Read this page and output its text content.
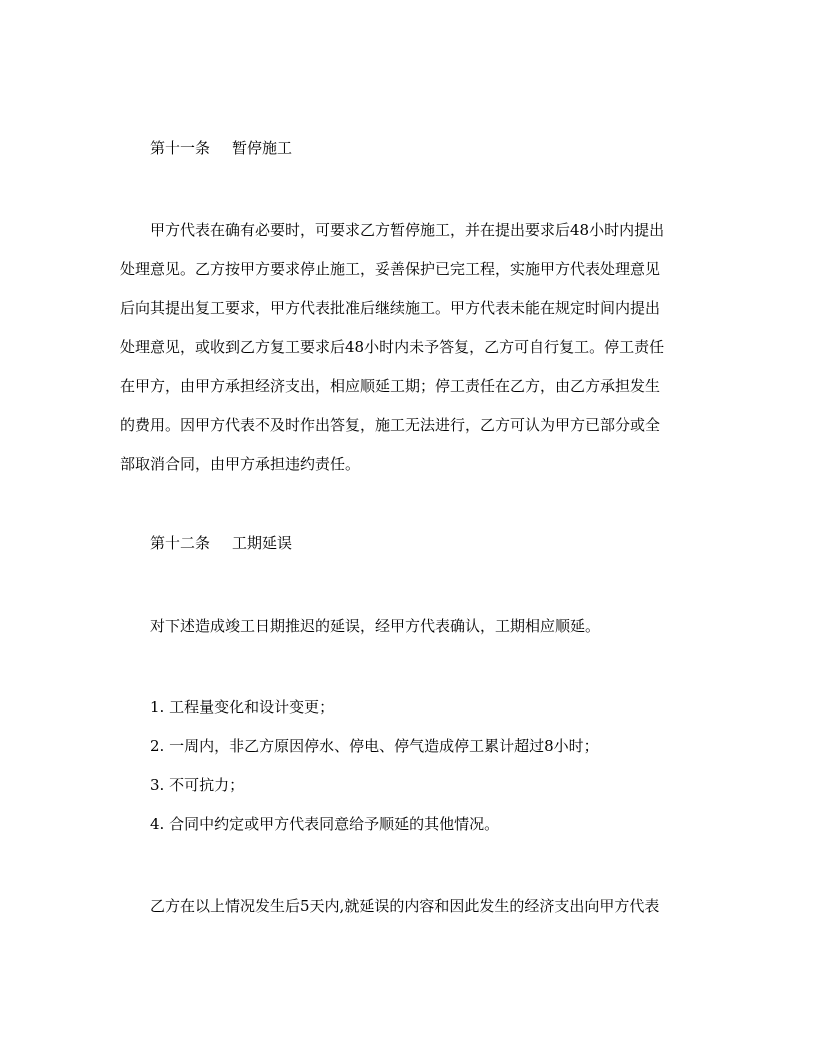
第十一条 暂停施工
甲方代表在确有必要时，可要求乙方暂停施工，并在提出要求后48小时内提出
处理意见。乙方按甲方要求停止施工，妥善保护已完工程，实施甲方代表处理意见
后向其提出复工要求，甲方代表批准后继续施工。甲方代表未能在规定时间内提出
处理意见，或收到乙方复工要求后48小时内未予答复，乙方可自行复工。停工责任
在甲方，由甲方承担经济支出，相应顺延工期；停工责任在乙方，由乙方承担发生
的费用。因甲方代表不及时作出答复，施工无法进行，乙方可认为甲方已部分或全
部取消合同，由甲方承担违约责任。
第十二条 工期延误
对下述造成竣工日期推迟的延误，经甲方代表确认，工期相应顺延。
1. 工程量变化和设计变更；
2. 一周内，非乙方原因停水、停电、停气造成停工累计超过8小时；
3. 不可抗力；
4. 合同中约定或甲方代表同意给予顺延的其他情况。
乙方在以上情况发生后5天内,就延误的内容和因此发生的经济支出向甲方代表
